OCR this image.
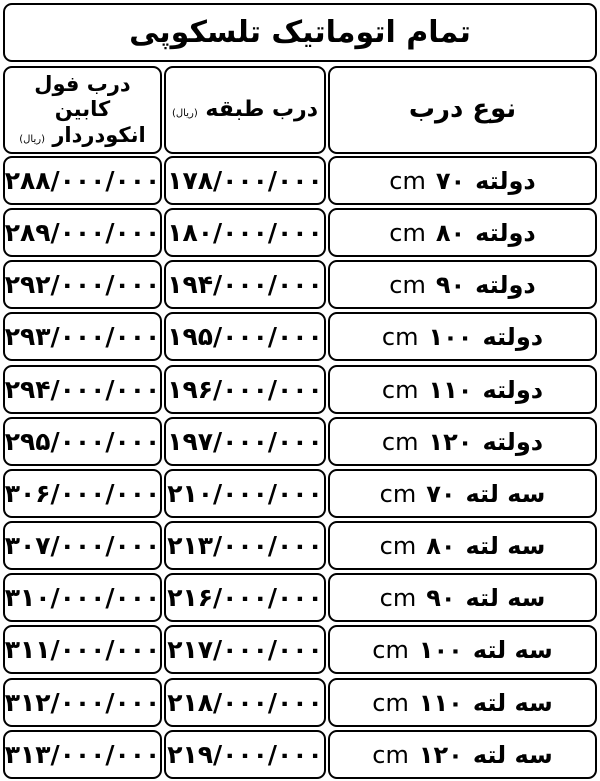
تمام اتوماتیک تلسکوپی
نوع درب
درب طبقه (ریال)
درب فول کابین
انکودردار (ریال)
cm ۷۰ دولته
۱۷۸/۰۰۰/۰۰۰
۲۸۸/۰۰۰/۰۰۰
cm ۸۰ دولته
۱۸۰/۰۰۰/۰۰۰
۲۸۹/۰۰۰/۰۰۰
cm ۹۰ دولته
۱۹۴/۰۰۰/۰۰۰
۲۹۲/۰۰۰/۰۰۰
cm ۱۰۰ دولته
۱۹۵/۰۰۰/۰۰۰
۲۹۳/۰۰۰/۰۰۰
cm ۱۱۰ دولته
۱۹۶/۰۰۰/۰۰۰
۲۹۴/۰۰۰/۰۰۰
cm ۱۲۰ دولته
۱۹۷/۰۰۰/۰۰۰
۲۹۵/۰۰۰/۰۰۰
cm ۷۰ سه لته
۲۱۰/۰۰۰/۰۰۰
۳۰۶/۰۰۰/۰۰۰
cm ۸۰ سه لته
۲۱۳/۰۰۰/۰۰۰
۳۰۷/۰۰۰/۰۰۰
cm ۹۰ سه لته
۲۱۶/۰۰۰/۰۰۰
۳۱۰/۰۰۰/۰۰۰
cm ۱۰۰ سه لته
۲۱۷/۰۰۰/۰۰۰
۳۱۱/۰۰۰/۰۰۰
cm ۱۱۰ سه لته
۲۱۸/۰۰۰/۰۰۰
۳۱۲/۰۰۰/۰۰۰
cm ۱۲۰ سه لته
۲۱۹/۰۰۰/۰۰۰
۳۱۳/۰۰۰/۰۰۰
